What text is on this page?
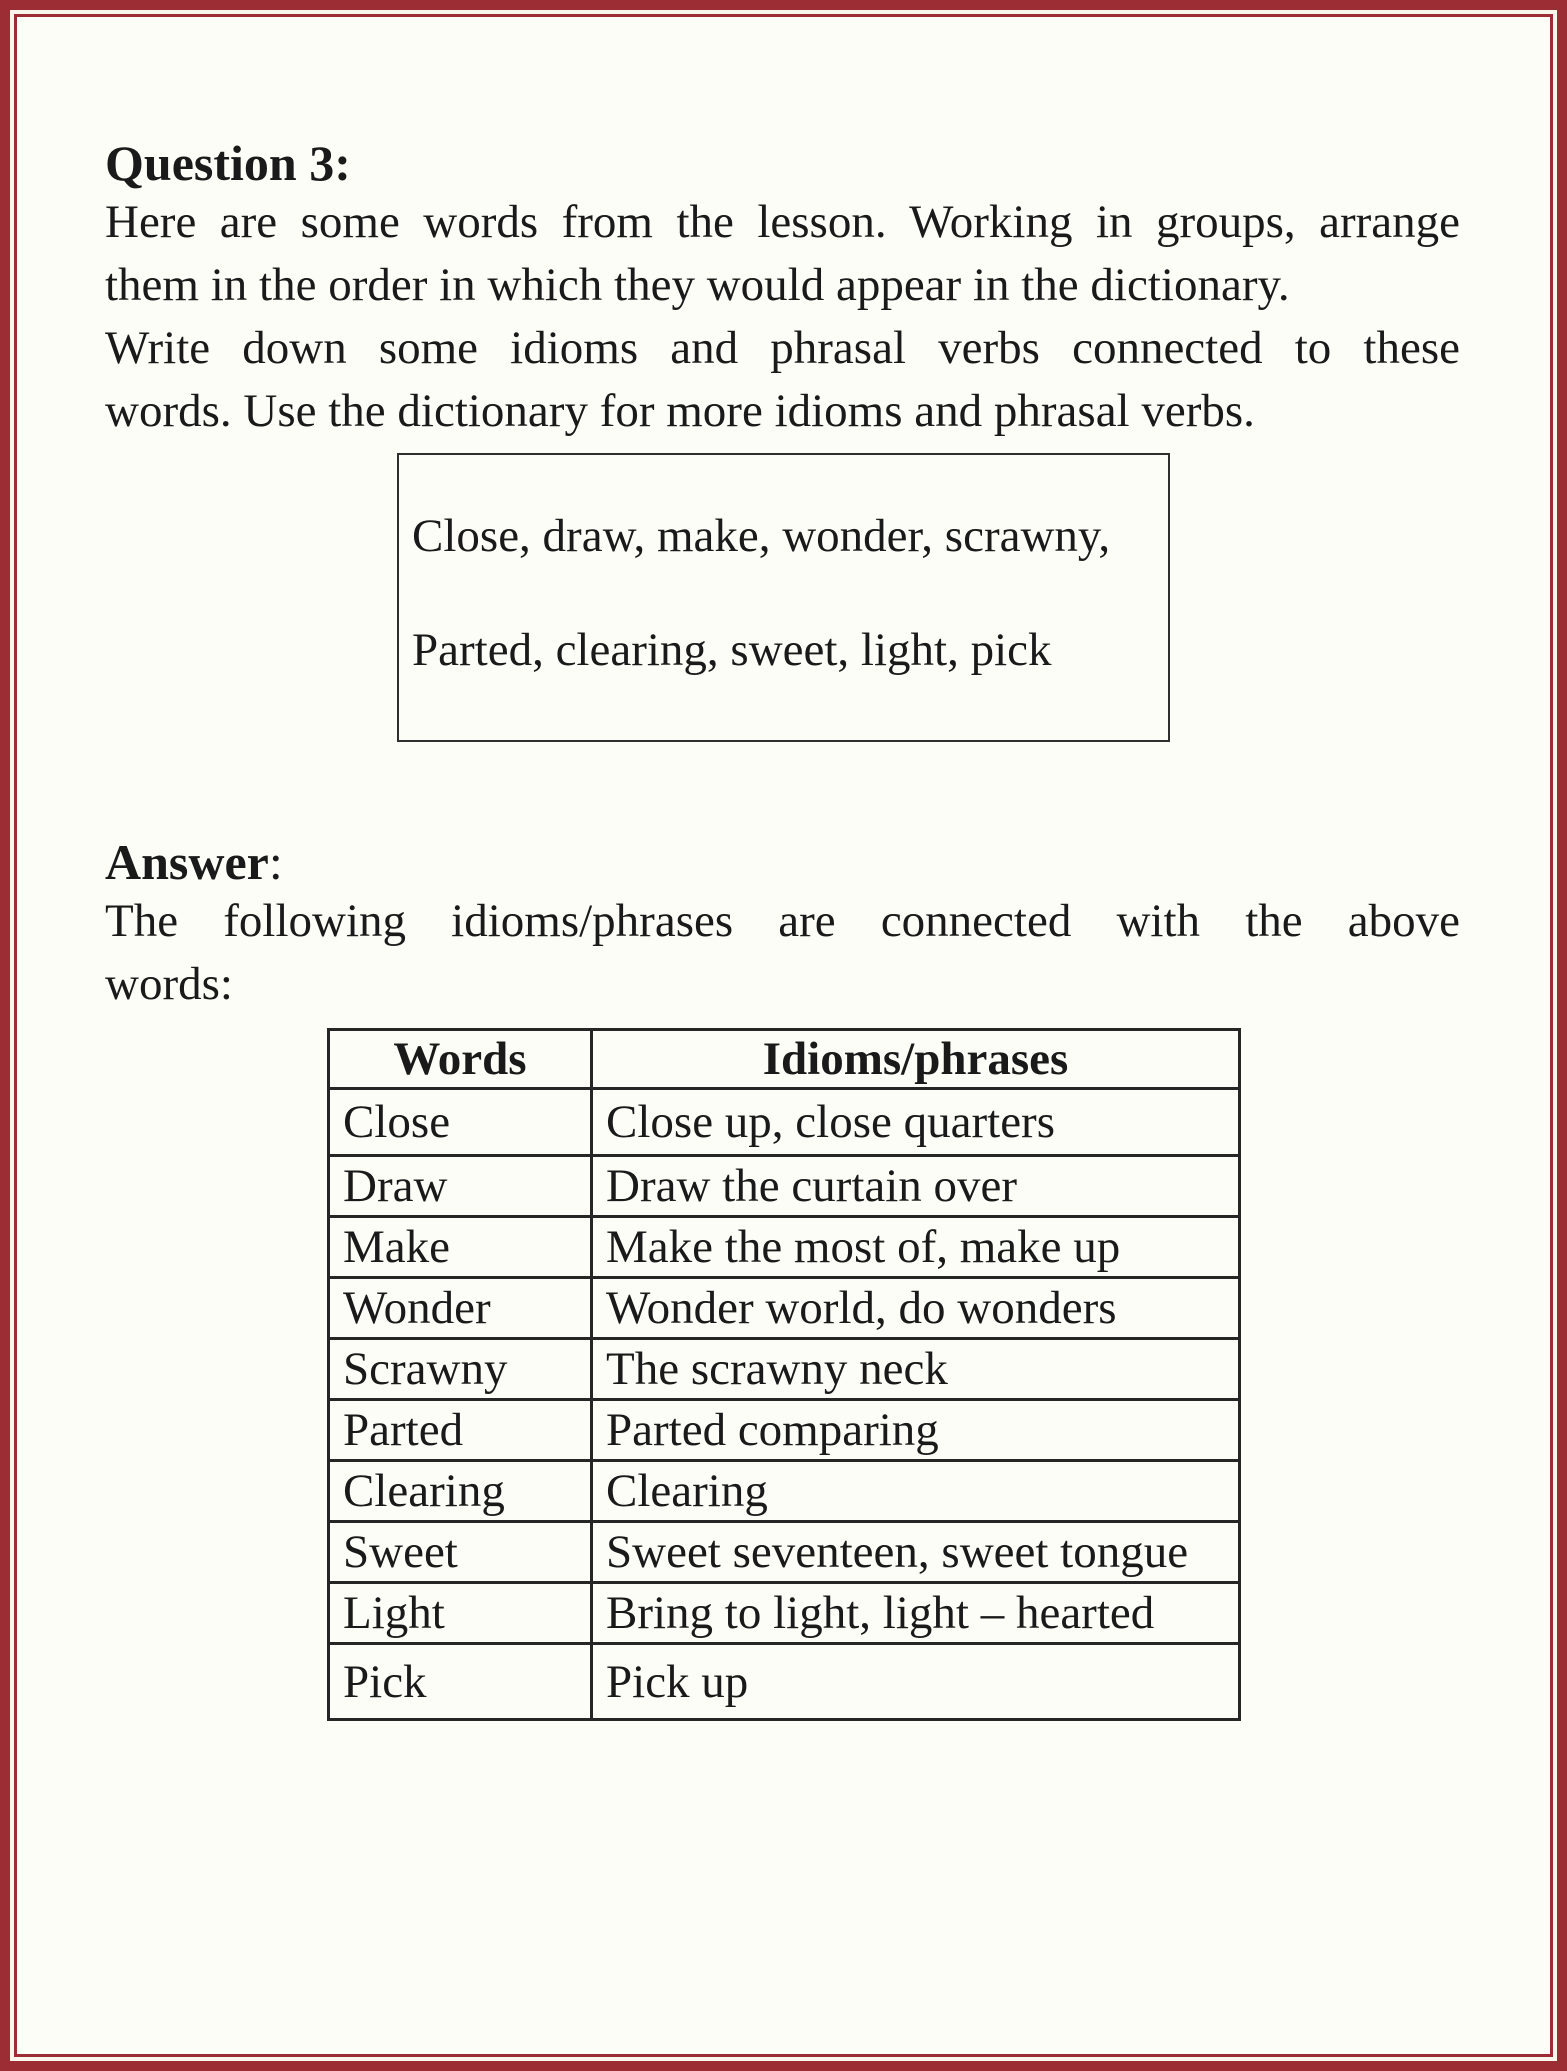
Question 3:

Here are some words from the lesson. Working in groups, arrange
them in the order in which they would appear in the dictionary.

Write down some idioms and phrasal verbs connected to these
words. Use the dictionary for more idioms and phrasal verbs.

Close, draw, make, wonder, scrawny,
Parted, clearing, sweet, light, pick
Answer:

The following idioms/phrases are connected with the above
words:

Words	Idioms/phrases
Close	Close up, close quarters
Draw	Draw the curtain over
Make	Make the most of, make up
Wonder	Wonder world, do wonders
Scrawny	The scrawny neck
Parted	Parted comparing
Clearing	Clearing
Sweet	Sweet seventeen, sweet tongue
Light	Bring to light, light – hearted
Pick	Pick up
